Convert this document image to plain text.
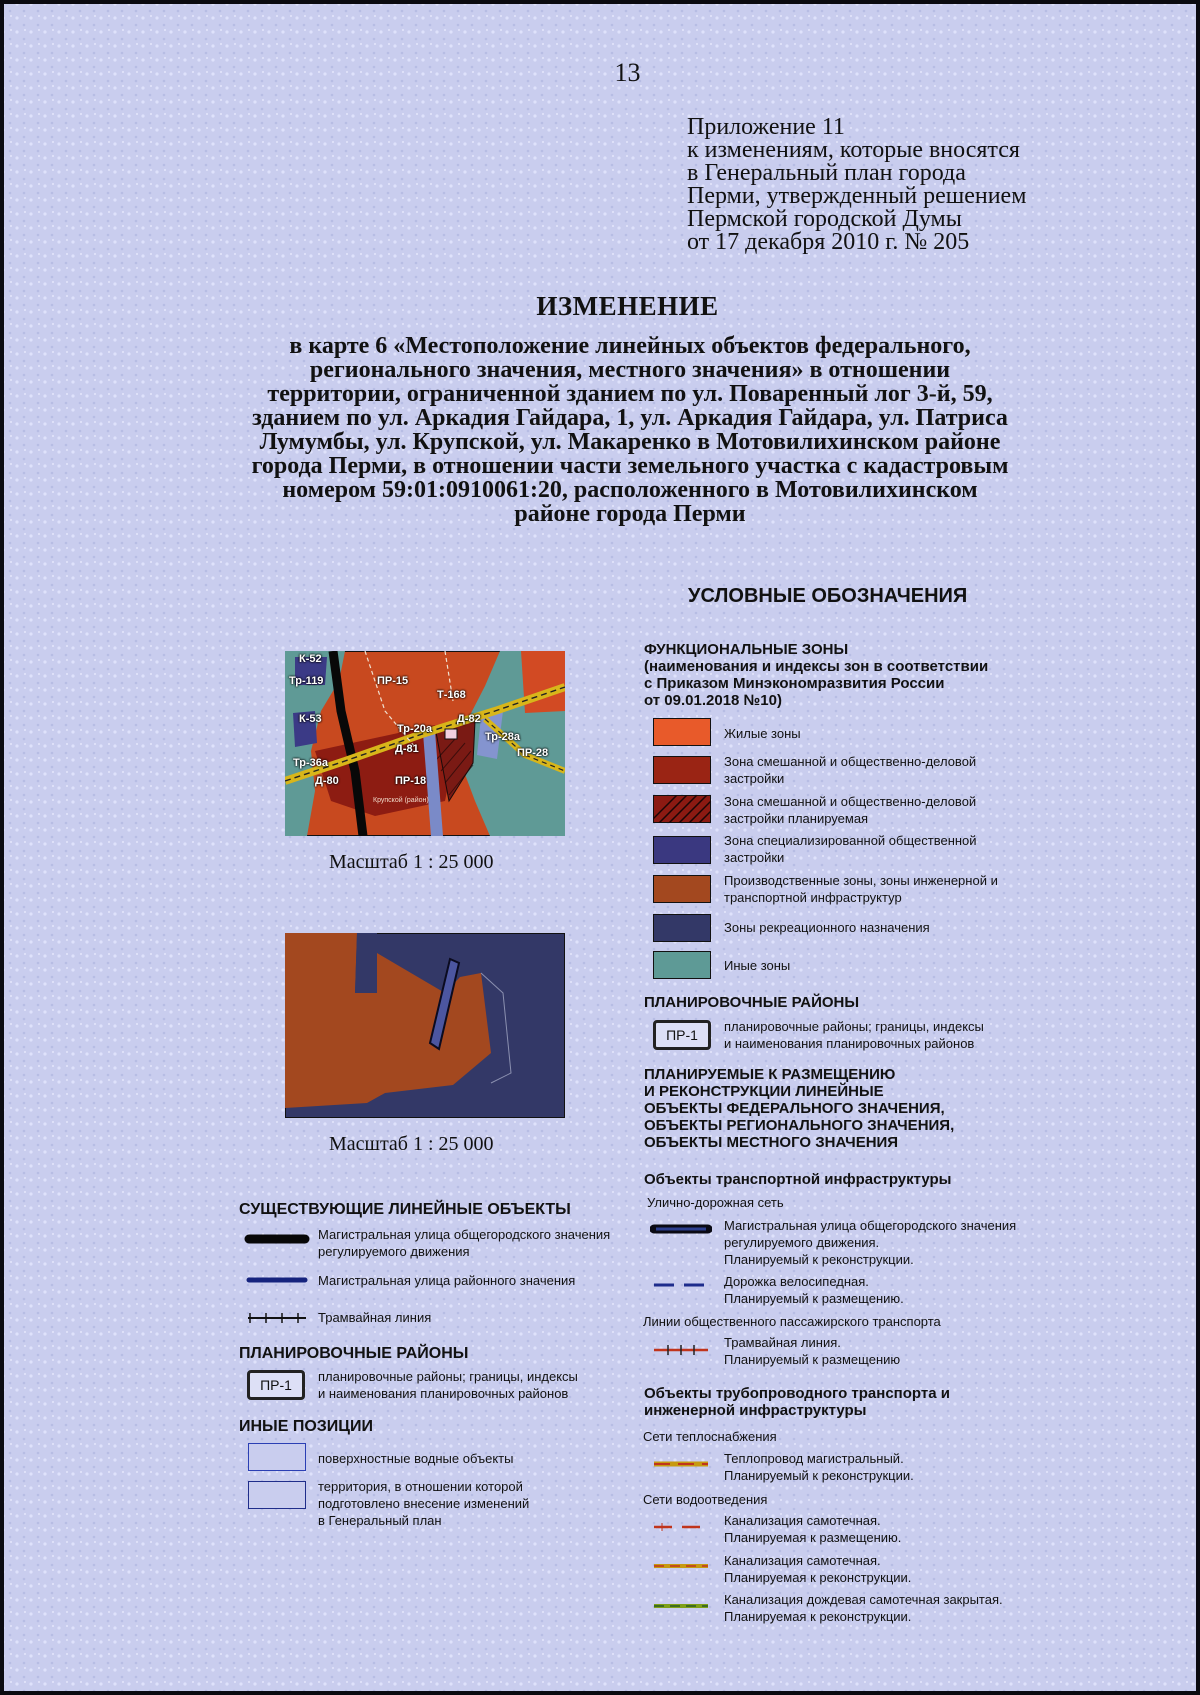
13
Приложение 11
к изменениям, которые вносятся
в Генеральный план города
Перми, утвержденный решением
Пермской городской Думы
от 17 декабря 2010 г. № 205
ИЗМЕНЕНИЕ
в карте 6 «Местоположение линейных объектов федерального,
регионального значения, местного значения» в отношении
территории, ограниченной зданием по ул. Поваренный лог 3-й, 59,
зданием по ул. Аркадия Гайдара, 1, ул. Аркадия Гайдара, ул. Патриса
Лумумбы, ул. Крупской, ул. Макаренко в Мотовилихинском районе
города Перми, в отношении части земельного участка с кадастровым
номером 59:01:0910061:20, расположенного в Мотовилихинском
районе города Перми
К-52
Тр-119	ПР-15
Т-168
К-53	Д-82
Тр-20а
Тр-28а
Д-81	ПР-28
Тр-36а
Д-80	ПР-18
Крупской (район)
Масштаб 1 : 25 000
Масштаб 1 : 25 000
УСЛОВНЫЕ ОБОЗНАЧЕНИЯ
ФУНКЦИОНАЛЬНЫЕ ЗОНЫ
(наименования и индексы зон в соответствии
с Приказом Минэкономразвития России
от 09.01.2018 №10)
Жилые зоны
Зона смешанной и общественно-деловой
застройки
Зона смешанной и общественно-деловой
застройки планируемая
Зона специализированной общественной
застройки
Производственные зоны, зоны инженерной и
транспортной инфраструктур
Зоны рекреационного назначения
Иные зоны
ПЛАНИРОВОЧНЫЕ РАЙОНЫ
ПР-1
планировочные районы; границы, индексы
и наименования планировочных районов
ПЛАНИРУЕМЫЕ К РАЗМЕЩЕНИЮ
И РЕКОНСТРУКЦИИ ЛИНЕЙНЫЕ
ОБЪЕКТЫ ФЕДЕРАЛЬНОГО ЗНАЧЕНИЯ,
ОБЪЕКТЫ РЕГИОНАЛЬНОГО ЗНАЧЕНИЯ,
ОБЪЕКТЫ МЕСТНОГО ЗНАЧЕНИЯ
Объекты транспортной инфраструктуры
Улично-дорожная сеть
Магистральная улица общегородского значения
регулируемого движения.
Планируемый к реконструкции.
Дорожка велосипедная.
Планируемый к размещению.
Линии общественного пассажирского транспорта
Трамвайная линия.
Планируемый к размещению
Объекты трубопроводного транспорта и
инженерной инфраструктуры
Сети теплоснабжения
Теплопровод магистральный.
Планируемый к реконструкции.
Сети водоотведения
Канализация самотечная.
Планируемая к размещению.
Канализация самотечная.
Планируемая к реконструкции.
Канализация дождевая самотечная закрытая.
Планируемая к реконструкции.
СУЩЕСТВУЮЩИЕ ЛИНЕЙНЫЕ ОБЪЕКТЫ
Магистральная улица общегородского значения
регулируемого движения
Магистральная улица районного значения
Трамвайная линия
ПЛАНИРОВОЧНЫЕ РАЙОНЫ
ПР-1
планировочные районы; границы, индексы
и наименования планировочных районов
ИНЫЕ ПОЗИЦИИ
поверхностные водные объекты
территория, в отношении которой
подготовлено внесение изменений
в Генеральный план
